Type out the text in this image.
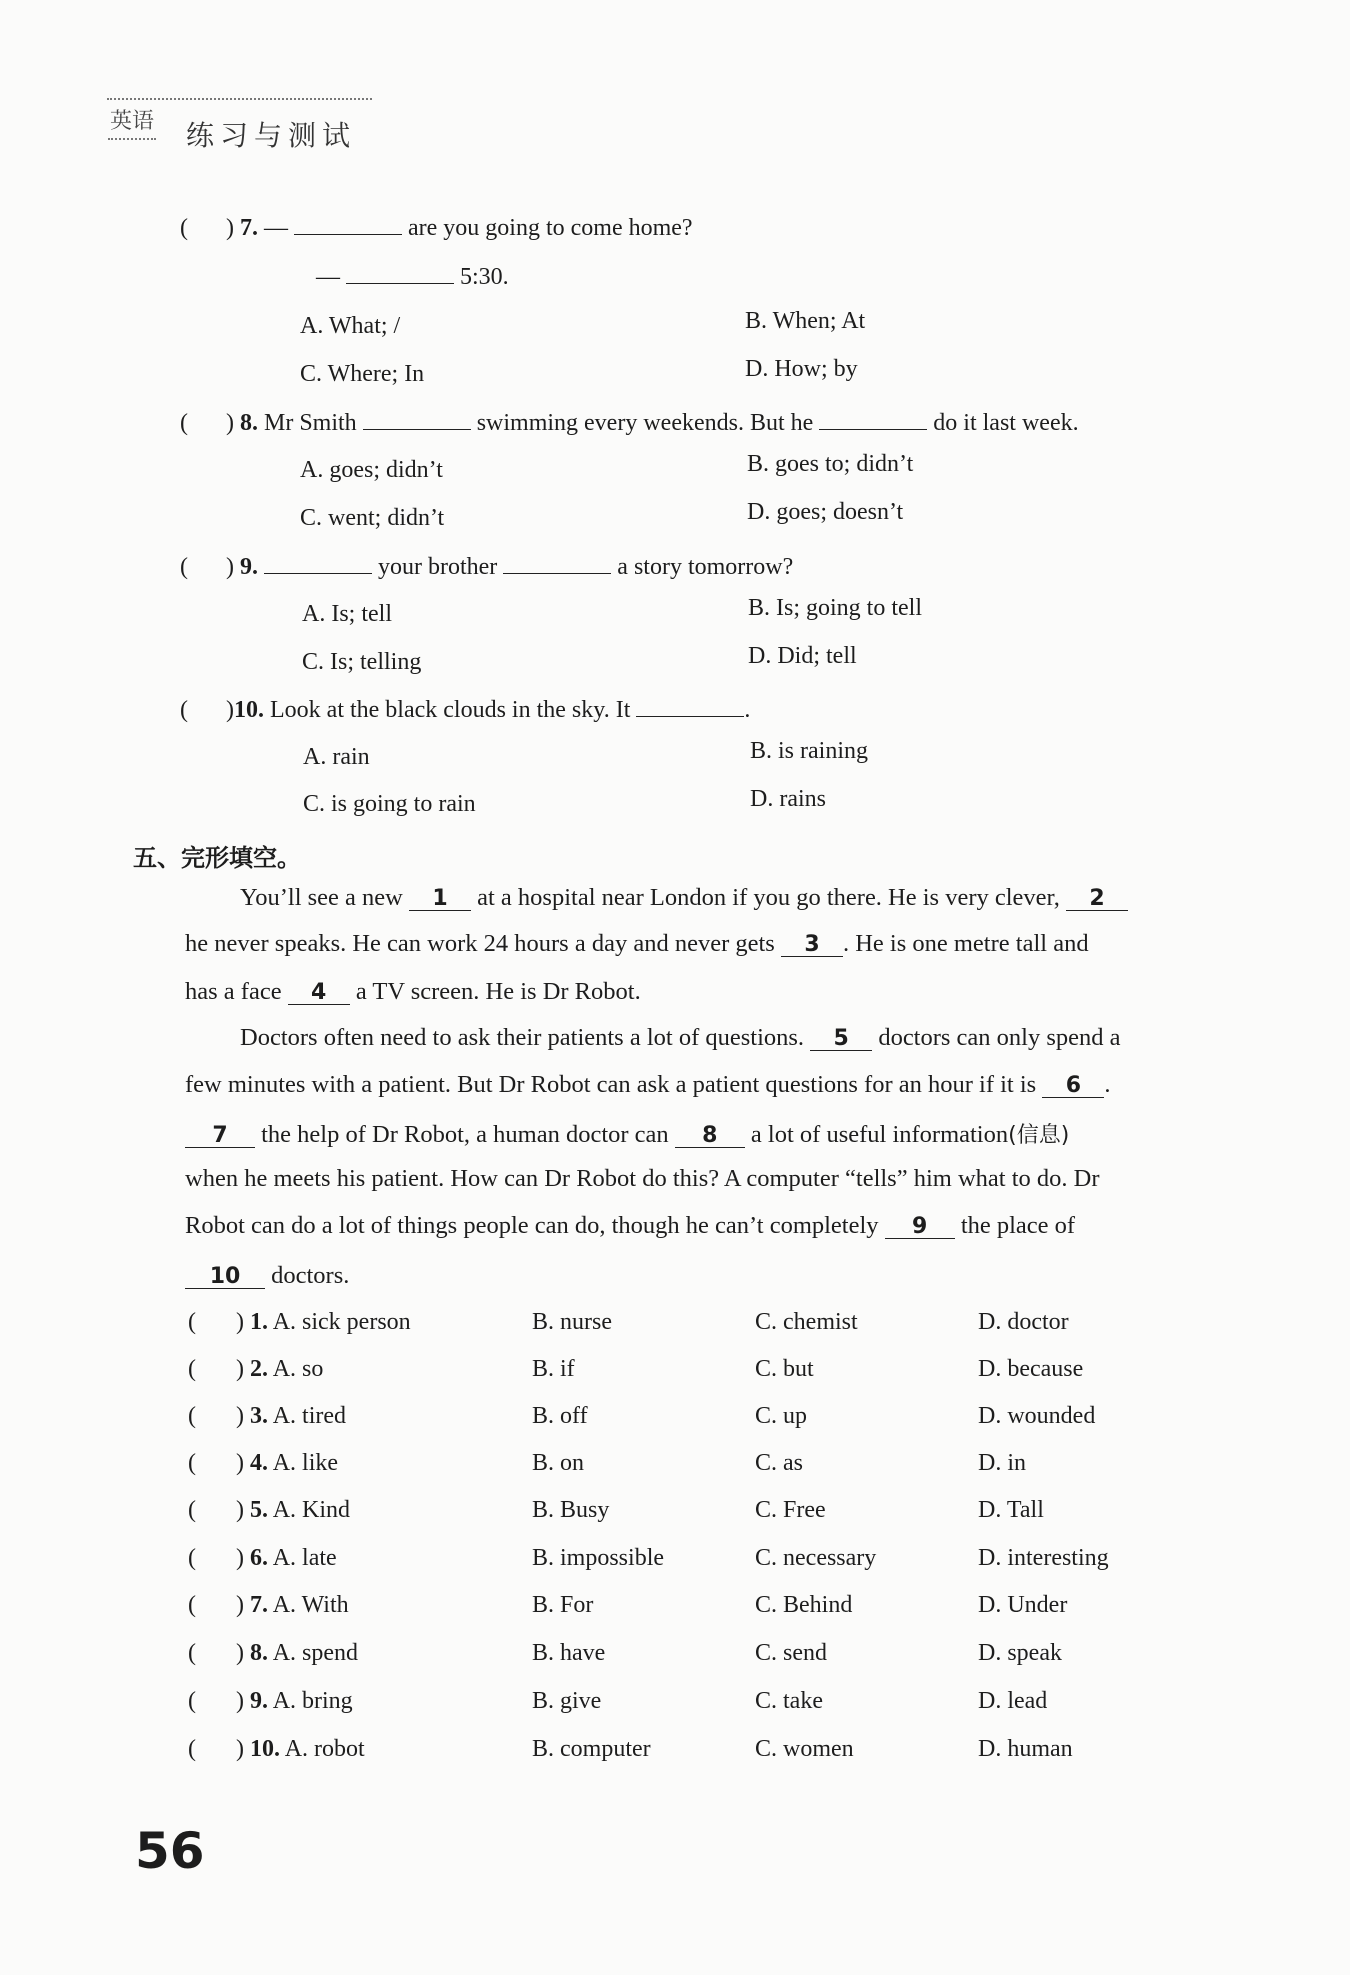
英语 练习与测试
( ) 7. —	are you going to come home?
—	5:30.
A. What; /	B. When; At
C. Where; In	D. How; by
( ) 8. Mr Smith	swimming every weekends. But he	do it last week.
A. goes; didn’t	B. goes to; didn’t
C. went; didn’t	D. goes; doesn’t
( ) 9.	your brother	a story tomorrow?
A. Is; tell	B. Is; going to tell
C. Is; telling	D. Did; tell
( )10. Look at the black clouds in the sky. It	.
A. rain	B. is raining
C. is going to rain	D. rains
五、完形填空。
You’ll see a new 1 at a hospital near London if you go there. He is very clever, 2
he never speaks. He can work 24 hours a day and never gets 3 . He is one metre tall and
has a face 4 a TV screen. He is Dr Robot.
Doctors often need to ask their patients a lot of questions. 5 doctors can only spend a
few minutes with a patient. But Dr Robot can ask a patient questions for an hour if it is 6 .
7 the help of Dr Robot, a human doctor can 8 a lot of useful information(信息)
when he meets his patient. How can Dr Robot do this? A computer “tells” him what to do. Dr
Robot can do a lot of things people can do, though he can’t completely 9 the place of
10 doctors.
( ) 1. A. sick person	B. nurse	C. chemist	D. doctor
( ) 2. A. so	B. if	C. but	D. because
( ) 3. A. tired	B. off	C. up	D. wounded
( ) 4. A. like	B. on	C. as	D. in
( ) 5. A. Kind	B. Busy	C. Free	D. Tall
( ) 6. A. late	B. impossible	C. necessary	D. interesting
( ) 7. A. With	B. For	C. Behind	D. Under
( ) 8. A. spend	B. have	C. send	D. speak
( ) 9. A. bring	B. give	C. take	D. lead
( ) 10. A. robot	B. computer	C. women	D. human
56
